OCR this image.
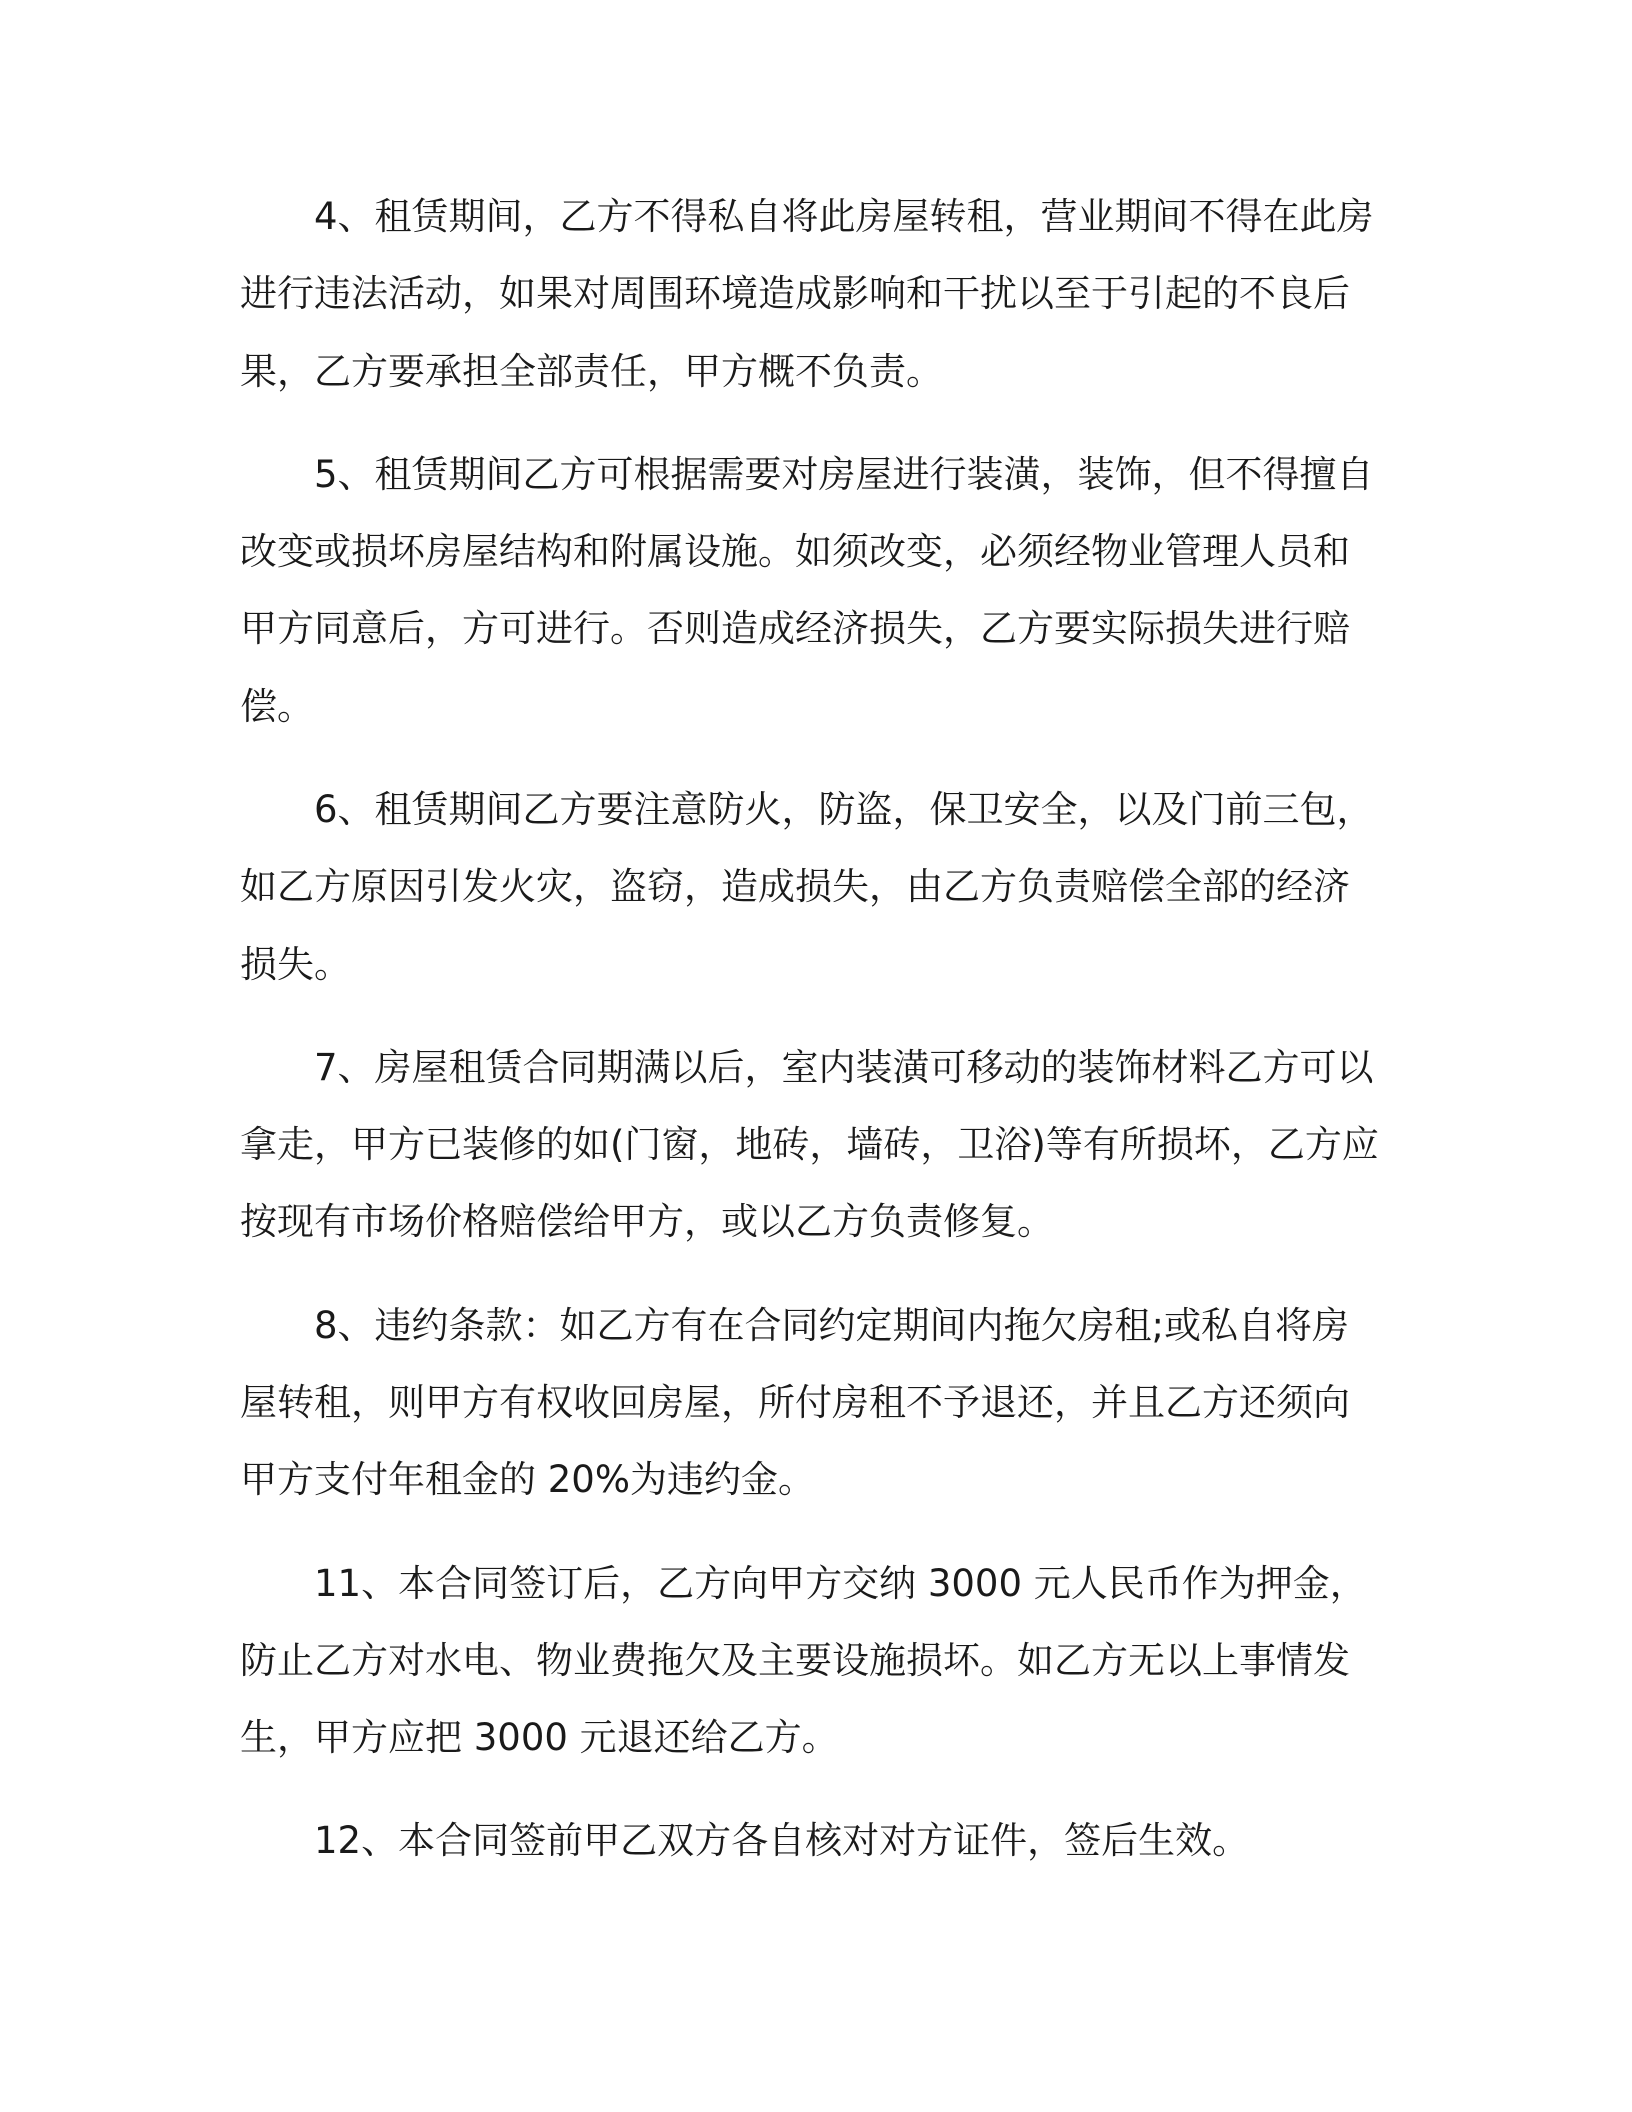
4、租赁期间，乙方不得私自将此房屋转租，营业期间不得在此房
进行违法活动，如果对周围环境造成影响和干扰以至于引起的不良后
果，乙方要承担全部责任，甲方概不负责。
5、租赁期间乙方可根据需要对房屋进行装潢，装饰，但不得擅自
改变或损坏房屋结构和附属设施。如须改变，必须经物业管理人员和
甲方同意后，方可进行。否则造成经济损失，乙方要实际损失进行赔
偿。
6、租赁期间乙方要注意防火，防盗，保卫安全，以及门前三包，
如乙方原因引发火灾，盗窃，造成损失，由乙方负责赔偿全部的经济
损失。
7、房屋租赁合同期满以后，室内装潢可移动的装饰材料乙方可以
拿走，甲方已装修的如(门窗，地砖，墙砖，卫浴)等有所损坏，乙方应
按现有市场价格赔偿给甲方，或以乙方负责修复。
8、违约条款：如乙方有在合同约定期间内拖欠房租;或私自将房
屋转租，则甲方有权收回房屋，所付房租不予退还，并且乙方还须向
甲方支付年租金的 20%为违约金。
11、本合同签订后，乙方向甲方交纳 3000 元人民币作为押金，
防止乙方对水电、物业费拖欠及主要设施损坏。如乙方无以上事情发
生，甲方应把 3000 元退还给乙方。
12、本合同签前甲乙双方各自核对对方证件，签后生效。
